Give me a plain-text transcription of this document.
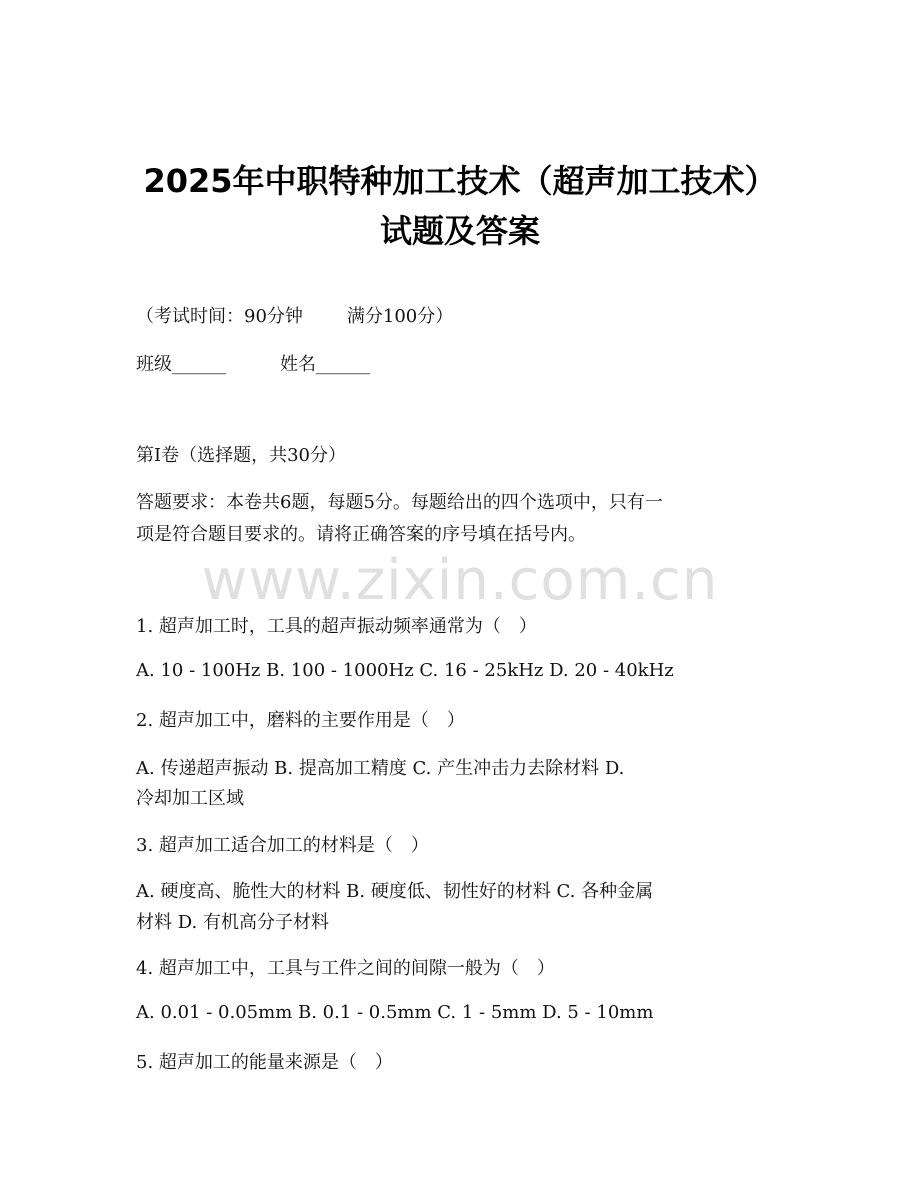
www.zixin.com.cn
2025年中职特种加工技术（超声加工技术）
试题及答案
（考试时间：90分钟 满分100分）
班级______	姓名______
第I卷（选择题，共30分）
答题要求：本卷共6题，每题5分。每题给出的四个选项中，只有一
项是符合题目要求的。请将正确答案的序号填在括号内。
1. 超声加工时，工具的超声振动频率通常为（　）
A. 10 - 100Hz B. 100 - 1000Hz C. 16 - 25kHz D. 20 - 40kHz
2. 超声加工中，磨料的主要作用是（　）
A. 传递超声振动 B. 提高加工精度 C. 产生冲击力去除材料 D.
冷却加工区域
3. 超声加工适合加工的材料是（　）
A. 硬度高、脆性大的材料 B. 硬度低、韧性好的材料 C. 各种金属
材料 D. 有机高分子材料
4. 超声加工中，工具与工件之间的间隙一般为（　）
A. 0.01 - 0.05mm B. 0.1 - 0.5mm C. 1 - 5mm D. 5 - 10mm
5. 超声加工的能量来源是（　）
